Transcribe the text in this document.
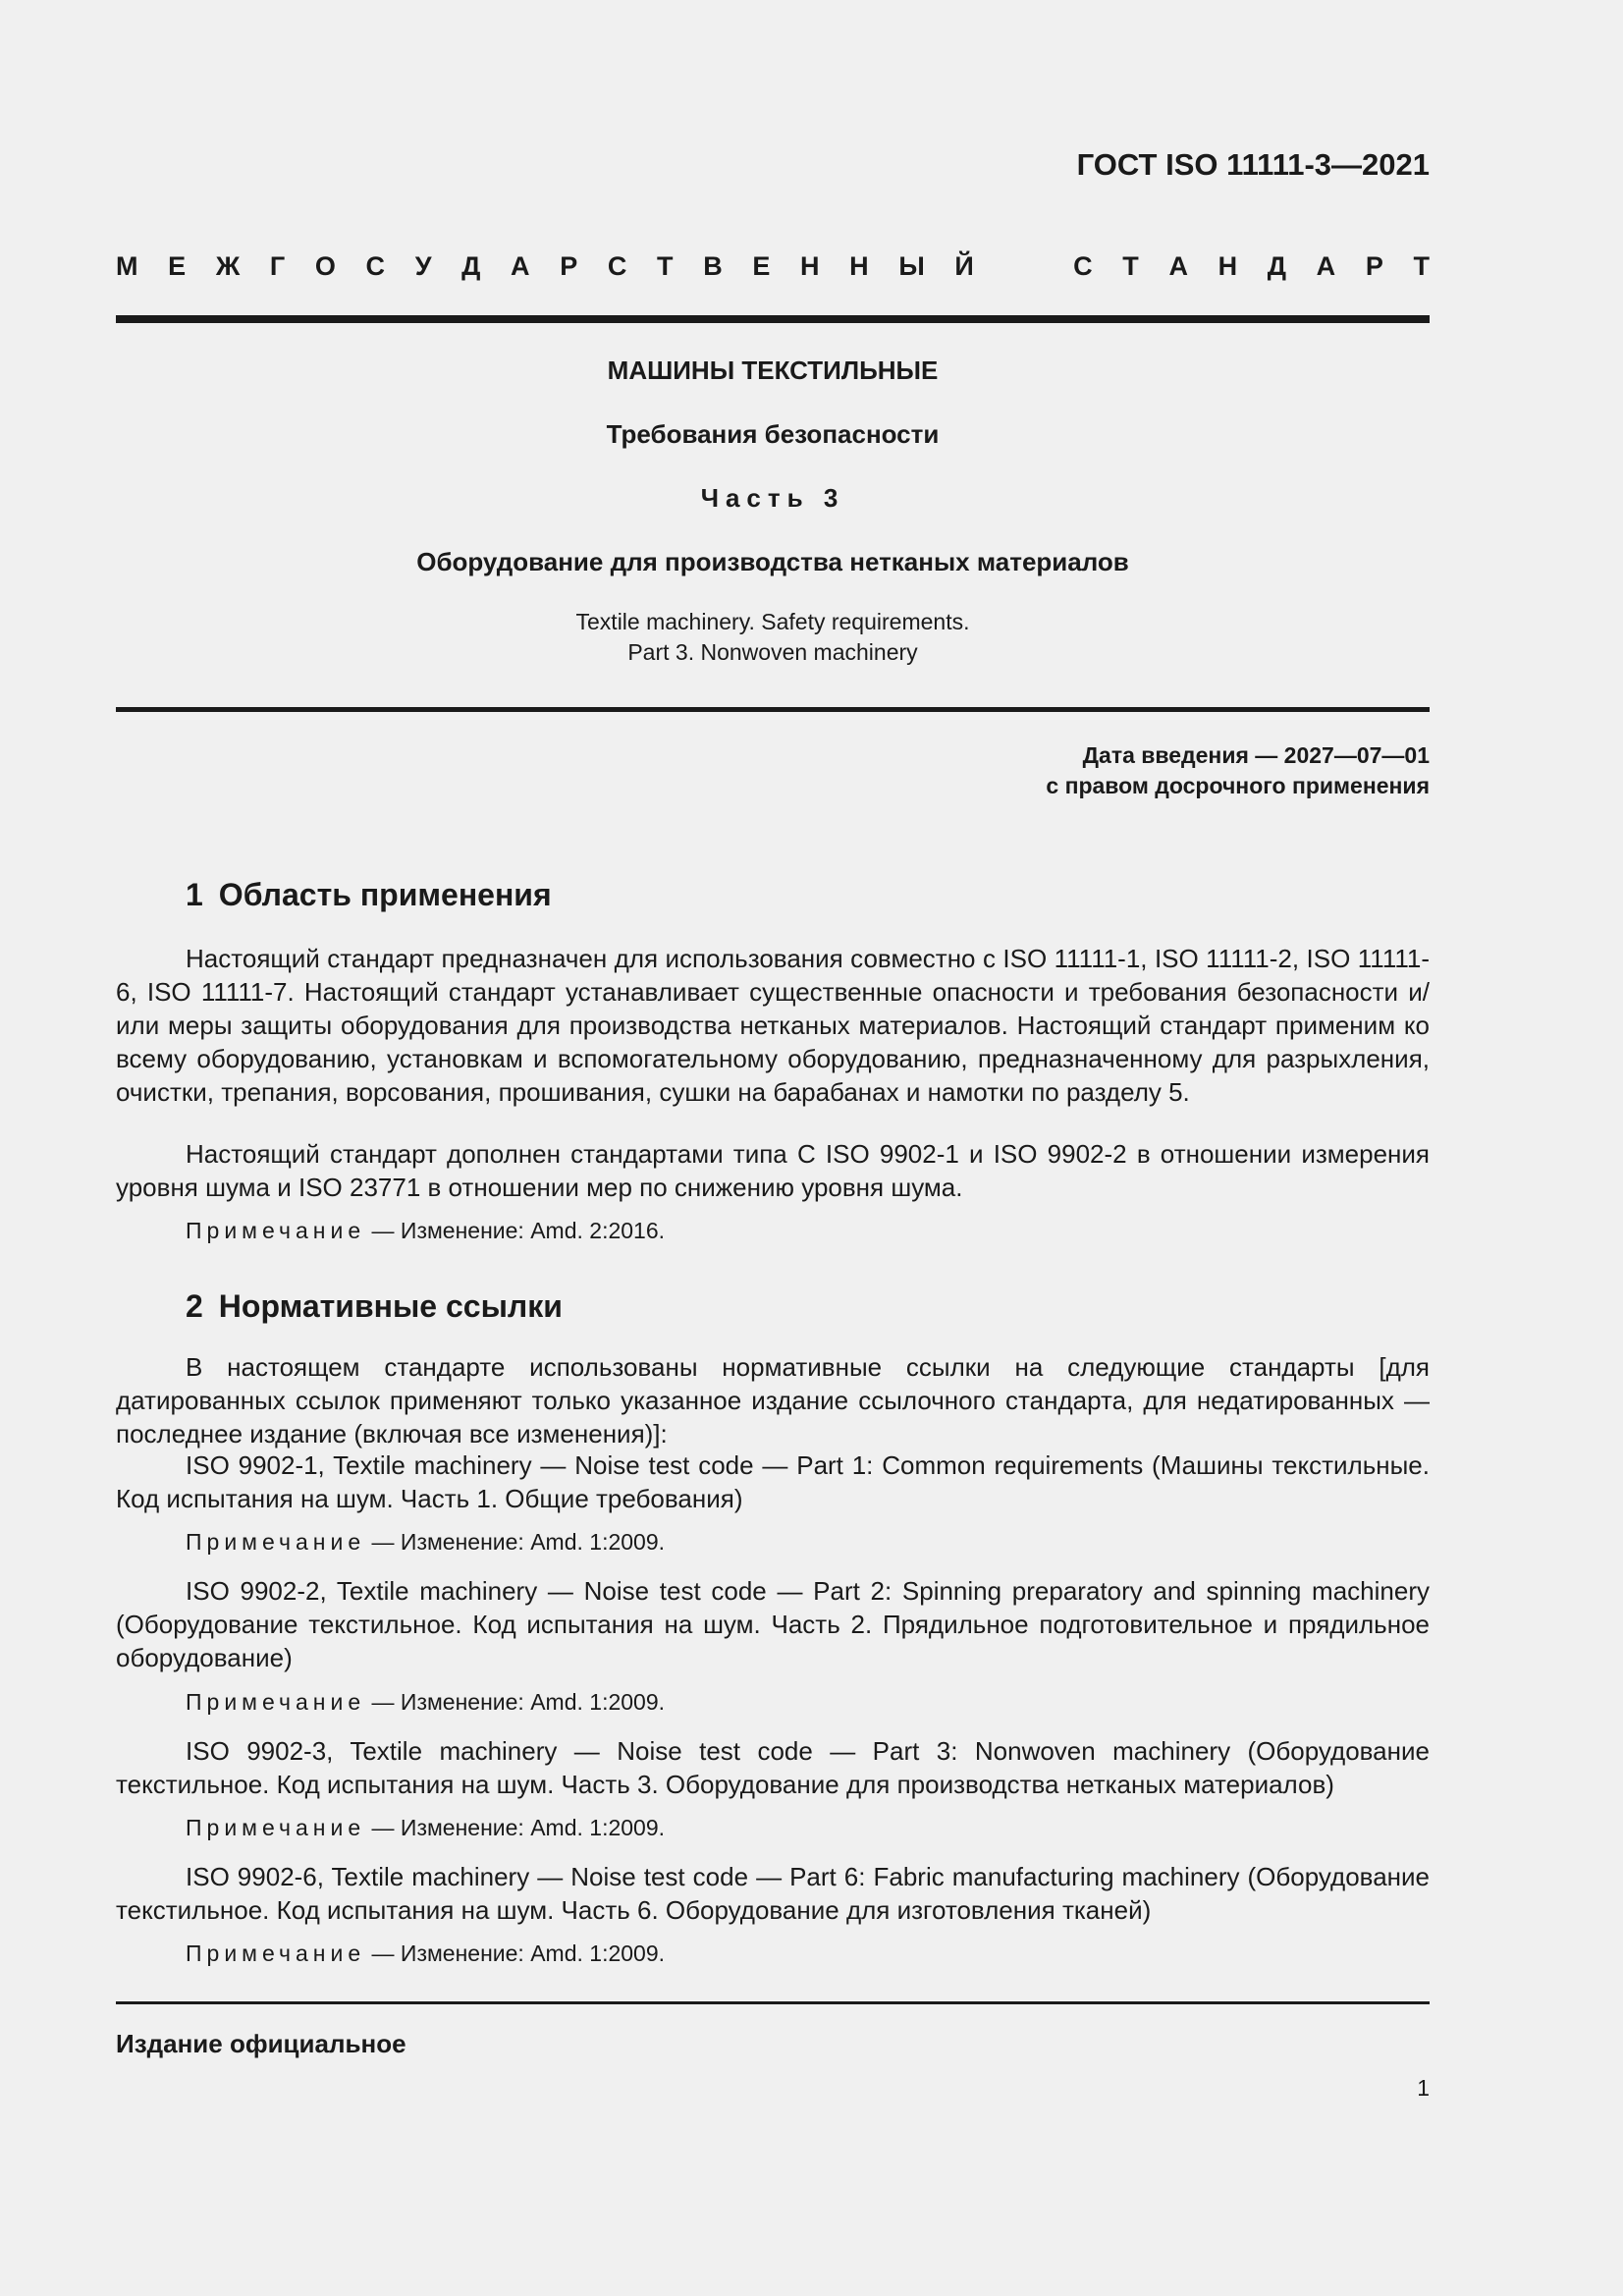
ГОСТ ISO 11111-3—2021
М Е Ж Г О С У Д А Р С Т В Е Н Н Ы Й	С Т А Н Д А Р Т
МАШИНЫ ТЕКСТИЛЬНЫЕ
Требования безопасности
Часть 3
Оборудование для производства нетканых материалов
Textile machinery. Safety requirements.
Part 3. Nonwoven machinery
Дата введения — 2027—07—01
с правом досрочного применения
1 Область применения
Настоящий стандарт предназначен для использования совместно с ISO 11111-1, ISO 11111-2, ISO 11111-6, ISO 11111-7. Настоящий стандарт устанавливает существенные опасности и требования безопасности и/или меры защиты оборудования для производства нетканых материалов. Настоящий стандарт применим ко всему оборудованию, установкам и вспомогательному оборудованию, предназначенному для разрыхления, очистки, трепания, ворсования, прошивания, сушки на барабанах и намотки по разделу 5.
Настоящий стандарт дополнен стандартами типа С ISO 9902-1 и ISO 9902-2 в отношении измерения уровня шума и ISO 23771 в отношении мер по снижению уровня шума.
Примечание — Изменение: Amd. 2:2016.
2 Нормативные ссылки
В настоящем стандарте использованы нормативные ссылки на следующие стандарты [для датированных ссылок применяют только указанное издание ссылочного стандарта, для недатированных — последнее издание (включая все изменения)]:
ISO 9902-1, Textile machinery — Noise test code — Part 1: Common requirements (Машины текстильные. Код испытания на шум. Часть 1. Общие требования)
Примечание — Изменение: Amd. 1:2009.
ISO 9902-2, Textile machinery — Noise test code — Part 2: Spinning preparatory and spinning machinery (Оборудование текстильное. Код испытания на шум. Часть 2. Прядильное подготовительное и прядильное оборудование)
Примечание — Изменение: Amd. 1:2009.
ISO 9902-3, Textile machinery — Noise test code — Part 3: Nonwoven machinery (Оборудование текстильное. Код испытания на шум. Часть 3. Оборудование для производства нетканых материалов)
Примечание — Изменение: Amd. 1:2009.
ISO 9902-6, Textile machinery — Noise test code — Part 6: Fabric manufacturing machinery (Оборудование текстильное. Код испытания на шум. Часть 6. Оборудование для изготовления тканей)
Примечание — Изменение: Amd. 1:2009.
Издание официальное
1
